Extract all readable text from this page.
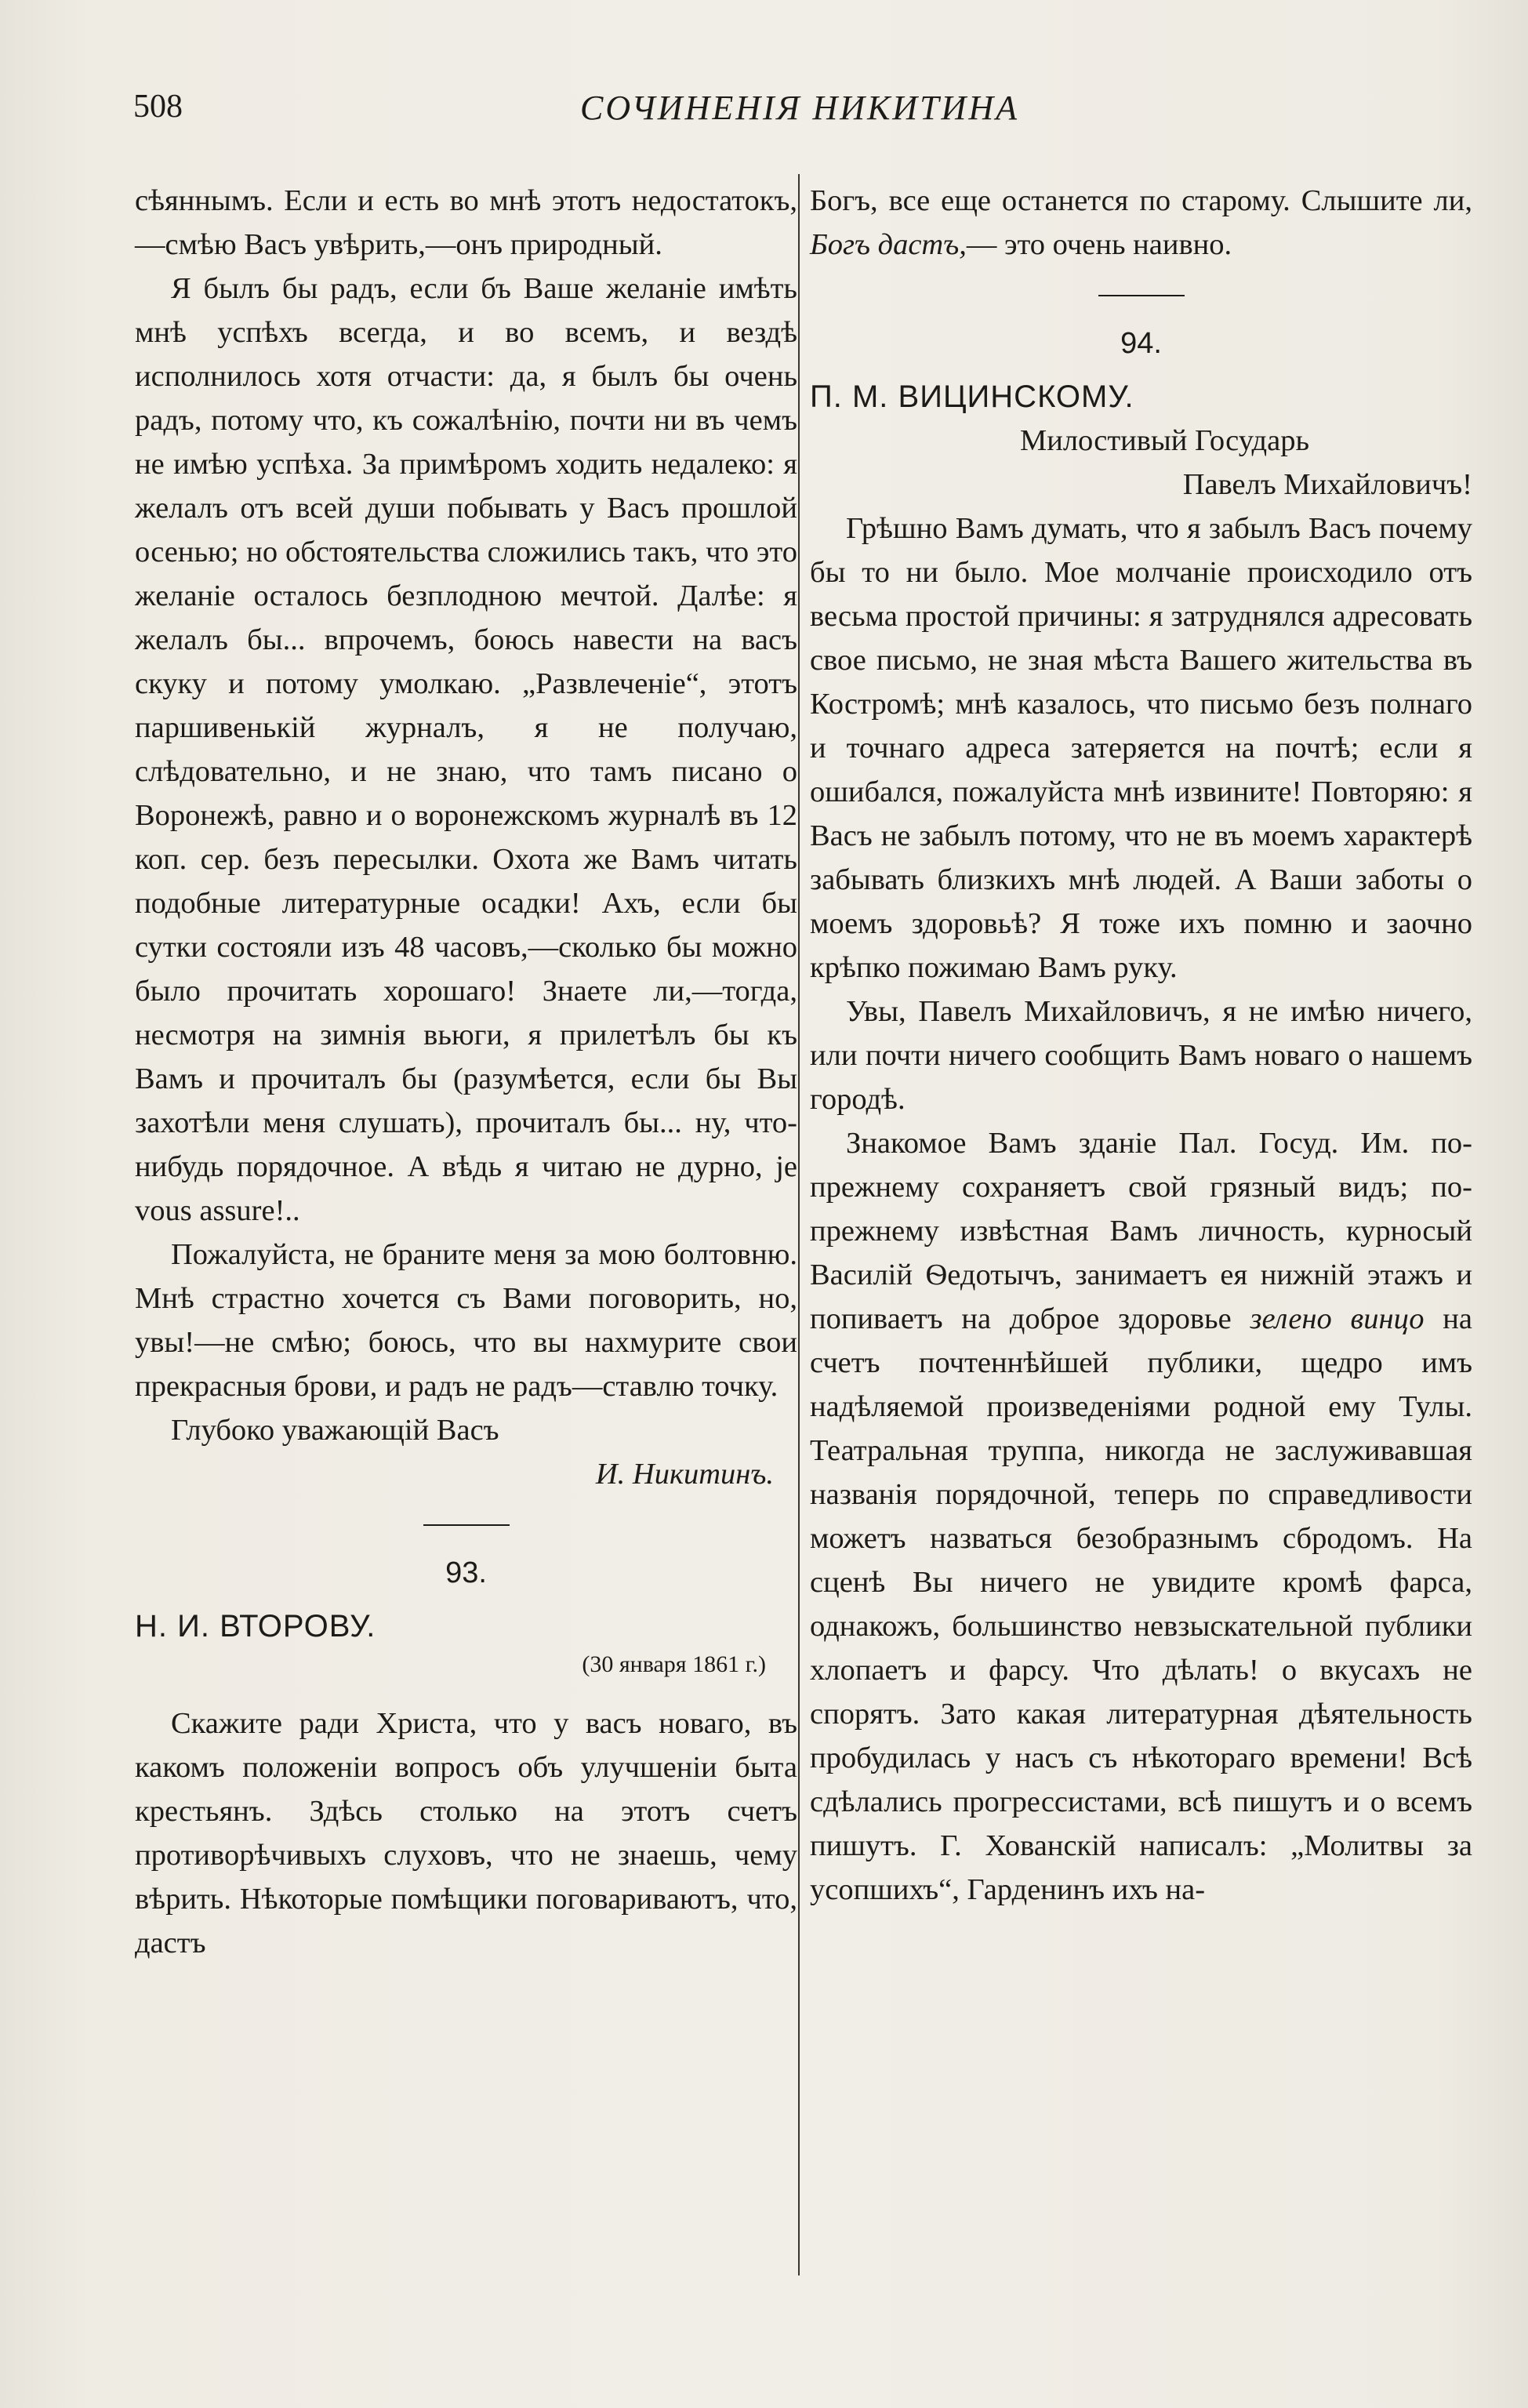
508	СОЧИНЕНІЯ НИКИТИНА

сѣяннымъ. Если и есть во мнѣ этотъ недостатокъ,—смѣю Васъ увѣрить,—онъ природный.

Я былъ бы радъ, если бъ Ваше желаніе имѣть мнѣ успѣхъ всегда, и во всемъ, и вездѣ исполнилось хотя отчасти: да, я былъ бы очень радъ, потому что, къ сожалѣнію, почти ни въ чемъ не имѣю успѣха. За примѣромъ ходить недалеко: я желалъ отъ всей души побывать у Васъ прошлой осенью; но обстоятельства сложились такъ, что это желаніе осталось безплодною мечтой. Далѣе: я желалъ бы... впрочемъ, боюсь навести на васъ скуку и потому умолкаю. „Развлеченіе“, этотъ паршивенькій журналъ, я не получаю, слѣдовательно, и не знаю, что тамъ писано о Воронежѣ, равно и о воронежскомъ журналѣ въ 12 коп. сер. безъ пересылки. Охота же Вамъ читать подобные литературные осадки! Ахъ, если бы сутки состояли изъ 48 часовъ,—сколько бы можно было прочитать хорошаго! Знаете ли,—тогда, несмотря на зимнія вьюги, я прилетѣлъ бы къ Вамъ и прочиталъ бы (разумѣется, если бы Вы захотѣли меня слушать), прочиталъ бы... ну, что-нибудь порядочное. А вѣдь я читаю не дурно, je vous assure!..

Пожалуйста, не браните меня за мою болтовню. Мнѣ страстно хочется съ Вами поговорить, но, увы!—не смѣю; боюсь, что вы нахмурите свои прекрасныя брови, и радъ не радъ—ставлю точку.

Глубоко уважающій Васъ

И. Никитинъ.
93.
Н. И. ВТОРОВУ.
(30 января 1861 г.)

Скажите ради Христа, что у васъ новаго, въ какомъ положеніи вопросъ объ улучшеніи быта крестьянъ. Здѣсь столько на этотъ счетъ противорѣчивыхъ слуховъ, что не знаешь, чему вѣрить. Нѣкоторые помѣщики поговариваютъ, что, дастъ

Богъ, все еще останется по старому. Слышите ли, Богъ дастъ,— это очень наивно.

94.
П. М. ВИЦИНСКОМУ.
Милостивый Государь
Павелъ Михайловичъ!

Грѣшно Вамъ думать, что я забылъ Васъ почему бы то ни было. Мое молчаніе происходило отъ весьма простой причины: я затруднялся адресовать свое письмо, не зная мѣста Вашего жительства въ Костромѣ; мнѣ казалось, что письмо безъ полнаго и точнаго адреса затеряется на почтѣ; если я ошибался, пожалуйста мнѣ извините! Повторяю: я Васъ не забылъ потому, что не въ моемъ характерѣ забывать близкихъ мнѣ людей. А Ваши заботы о моемъ здоровьѣ? Я тоже ихъ помню и заочно крѣпко пожимаю Вамъ руку.

Увы, Павелъ Михайловичъ, я не имѣю ничего, или почти ничего сообщить Вамъ новаго о нашемъ городѣ.

Знакомое Вамъ зданіе Пал. Госуд. Им. по-прежнему сохраняетъ свой грязный видъ; по-прежнему извѣстная Вамъ личность, курносый Василій Ѳедотычъ, занимаетъ ея нижній этажъ и попиваетъ на доброе здоровье зелено винцо на счетъ почтеннѣйшей публики, щедро имъ надѣляемой произведеніями родной ему Тулы. Театральная труппа, никогда не заслуживавшая названія порядочной, теперь по справедливости можетъ назваться безобразнымъ сбродомъ. На сценѣ Вы ничего не увидите кромѣ фарса, однакожъ, большинство невзыскательной публики хлопаетъ и фарсу. Что дѣлать! о вкусахъ не спорятъ. Зато какая литературная дѣятельность пробудилась у насъ съ нѣкотораго времени! Всѣ сдѣлались прогрессистами, всѣ пишутъ и о всемъ пишутъ. Г. Хованскій написалъ: „Молитвы за усопшихъ“, Гарденинъ ихъ на-
